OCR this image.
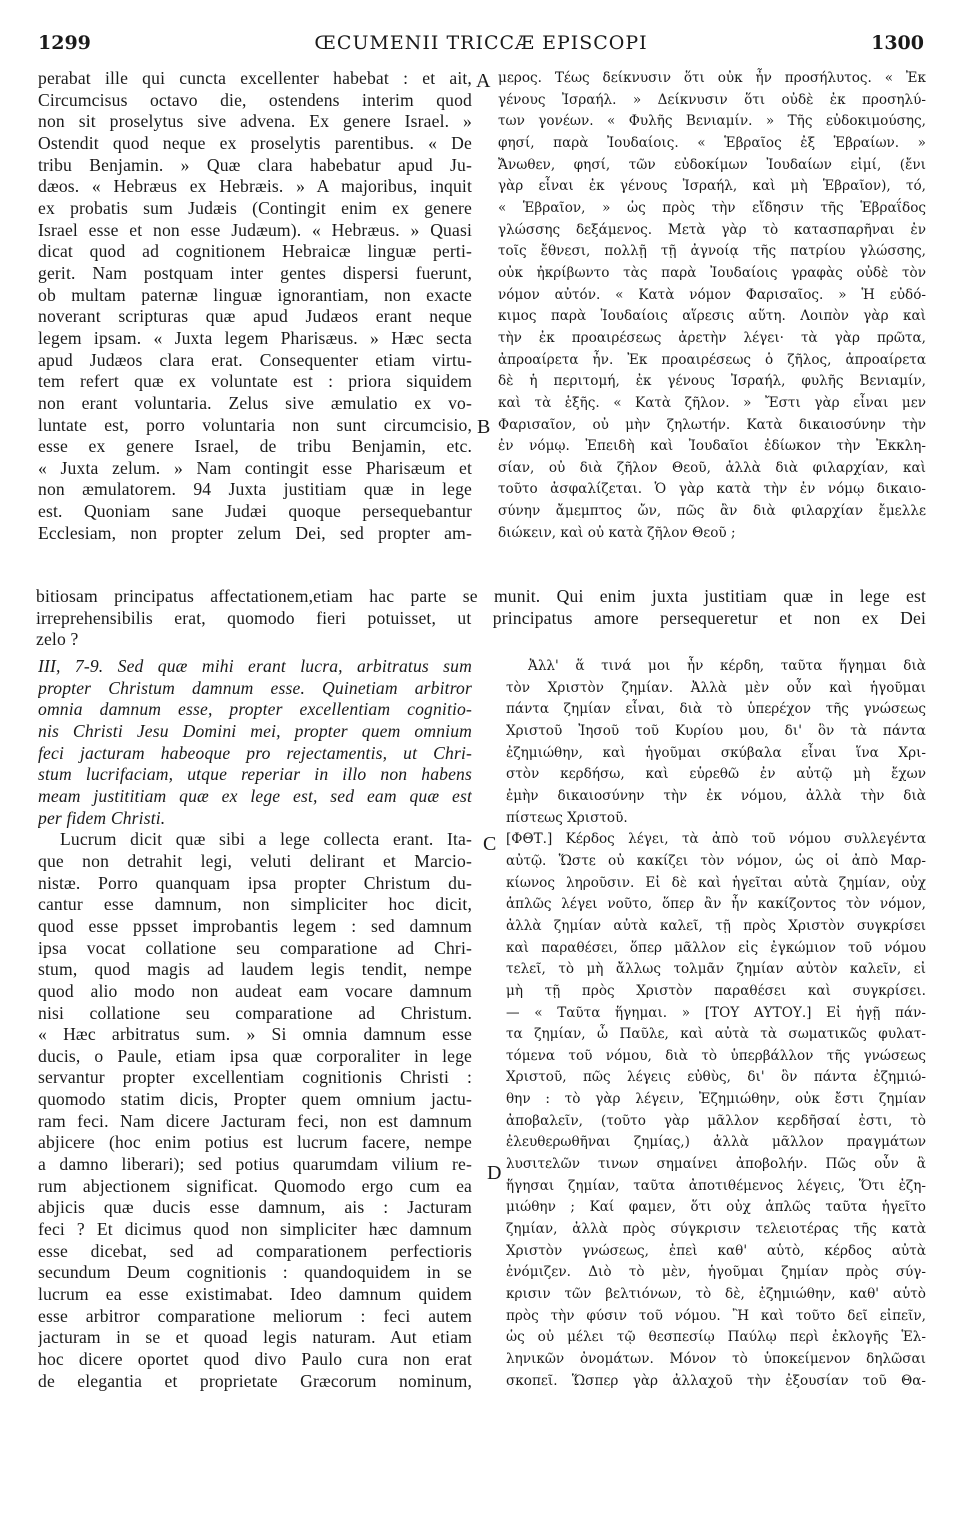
1299	ŒCUMENII TRICCÆ EPISCOPI	1300
perabat ille qui cuncta excellenter habebat : et ait,
Circumcisus octavo die, ostendens interim quod
non sit proselytus sive advena. Ex genere Israel. »
Ostendit quod neque ex proselytis parentibus. « De
tribu Benjamin. » Quæ clara habebatur apud Ju-
dæos. « Hebræus ex Hebræis. » A majoribus, inquit
ex probatis sum Judæis (Contingit enim ex genere
Israel esse et non esse Judæum). « Hebræus. » Quasi
dicat quod ad cognitionem Hebraicæ linguæ perti-
gerit. Nam postquam inter gentes dispersi fuerunt,
ob multam paternæ linguæ ignorantiam, non exacte
noverant scripturas quæ apud Judæos erant neque
legem ipsam. « Juxta legem Pharisæus. » Hæc secta
apud Judæos clara erat. Consequenter etiam virtu-
tem refert quæ ex voluntate est : priora siquidem
non erant voluntaria. Zelus sive æmulatio ex vo-
luntate est, porro voluntaria non sunt circumcisio,
esse ex genere Israel, de tribu Benjamin, etc.
« Juxta zelum. » Nam contingit esse Pharisæum et
non æmulatorem. 94 Juxta justitiam quæ in lege
est. Quoniam sane Judæi quoque persequebantur
Ecclesiam, non propter zelum Dei, sed propter am-
μερος. Τέως δείκνυσιν ὅτι οὐκ ἦν προσήλυτος. « Ἐκ
γένους Ἰσραήλ. » Δείκνυσιν ὅτι οὐδὲ ἐκ προσηλύ-
των γονέων. « Φυλῆς Βενιαμίν. » Τῆς εὐδοκιμούσης,
φησί, παρὰ Ἰουδαίοις. « Ἑβραῖος ἐξ Ἑβραίων. »
Ἄνωθεν, φησί, τῶν εὐδοκίμων Ἰουδαίων εἰμί, (ἔνι
γὰρ εἶναι ἐκ γένους Ἰσραήλ, καὶ μὴ Ἑβραῖον), τό,
« Ἑβραῖον, » ὡς πρὸς τὴν εἴδησιν τῆς Ἑβραΐδος
γλώσσης δεξάμενος. Μετὰ γὰρ τὸ κατασπαρῆναι ἐν
τοῖς ἔθνεσι, πολλῇ τῇ ἀγνοίᾳ τῆς πατρίου γλώσσης,
οὐκ ἠκρίβωντο τὰς παρὰ Ἰουδαίοις γραφὰς οὐδὲ τὸν
νόμον αὐτόν. « Κατὰ νόμον Φαρισαῖος. » Ἡ εὐδό-
κιμος παρὰ Ἰουδαίοις αἵρεσις αὕτη. Λοιπὸν γὰρ καὶ
τὴν ἐκ προαιρέσεως ἀρετὴν λέγει· τὰ γὰρ πρῶτα,
ἀπροαίρετα ἦν. Ἐκ προαιρέσεως ὁ ζῆλος, ἀπροαίρετα
δὲ ἡ περιτομή, ἐκ γένους Ἰσραήλ, φυλῆς Βενιαμίν,
καὶ τὰ ἑξῆς. « Κατὰ ζῆλον. » Ἔστι γὰρ εἶναι μεν
Φαρισαῖον, οὐ μὴν ζηλωτήν. Κατὰ δικαιοσύνην τὴν
ἐν νόμῳ. Ἐπειδὴ καὶ Ἰουδαῖοι ἐδίωκον τὴν Ἐκκλη-
σίαν, οὐ διὰ ζῆλον Θεοῦ, ἀλλὰ διὰ φιλαρχίαν, καὶ
τοῦτο ἀσφαλίζεται. Ὁ γὰρ κατὰ τὴν ἐν νόμῳ δικαιο-
σύνην ἄμεμπτος ὤν, πῶς ἂν διὰ φιλαρχίαν ἔμελλε
διώκειν, καὶ οὐ κατὰ ζῆλον Θεοῦ ;
bitiosam principatus affectationem,etiam hac parte se munit. Qui enim juxta justitiam quæ in lege est
irreprehensibilis erat, quomodo fieri potuisset, ut principatus amore persequeretur et non ex Dei
zelo ?
III, 7-9. Sed quæ mihi erant lucra, arbitratus sum
propter Christum damnum esse. Quinetiam arbitror
omnia damnum esse, propter excellentiam cognitio-
nis Christi Jesu Domini mei, propter quem omnium
feci jacturam habeoque pro rejectamentis, ut Chri-
stum lucrifaciam, utque reperiar in illo non habens
meam justititiam quæ ex lege est, sed eam quæ est
per fidem Christi.
Lucrum dicit quæ sibi a lege collecta erant. Ita-
que non detrahit legi, veluti delirant et Marcio-
nistæ. Porro quanquam ipsa propter Christum du-
cantur esse damnum, non simpliciter hoc dicit,
quod esse ppsset improbantis legem : sed damnum
ipsa vocat collatione seu comparatione ad Chri-
stum, quod magis ad laudem legis tendit, nempe
quod alio modo non audeat eam vocare damnum
nisi collatione seu comparatione ad Christum.
« Hæc arbitratus sum. » Si omnia damnum esse
ducis, o Paule, etiam ipsa quæ corporaliter in lege
servantur propter excellentiam cognitionis Christi :
quomodo statim dicis, Propter quem omnium jactu-
ram feci. Nam dicere Jacturam feci, non est damnum
abjicere (hoc enim potius est lucrum facere, nempe
a damno liberari); sed potius quarumdam vilium re-
rum abjectionem significat. Quomodo ergo cum ea
abjicis quæ ducis esse damnum, ais : Jacturam
feci ? Et dicimus quod non simpliciter hæc damnum
esse dicebat, sed ad comparationem perfectioris
secundum Deum cognitionis : quandoquidem in se
lucrum ea esse existimabat. Ideo damnum quidem
esse arbitror comparatione meliorum : feci autem
jacturam in se et quoad legis naturam. Aut etiam
hoc dicere oportet quod divo Paulo cura non erat
de elegantia et proprietate Græcorum nominum,
Ἀλλ' ἅ τινά μοι ἦν κέρδη, ταῦτα ἥγημαι διὰ
τὸν Χριστὸν ζημίαν. Ἀλλὰ μὲν οὖν καὶ ἡγοῦμαι
πάντα ζημίαν εἶναι, διὰ τὸ ὑπερέχον τῆς γνώσεως
Χριστοῦ Ἰησοῦ τοῦ Κυρίου μου, δι' ὃν τὰ πάντα
ἐζημιώθην, καὶ ἡγοῦμαι σκύβαλα εἶναι ἵνα Χρι-
στὸν κερδήσω, καὶ εὑρεθῶ ἐν αὐτῷ μὴ ἔχων
ἐμὴν δικαιοσύνην τὴν ἐκ νόμου, ἀλλὰ τὴν διὰ
πίστεως Χριστοῦ.
[ΦΘΤ.] Κέρδος λέγει, τὰ ἀπὸ τοῦ νόμου συλλεγέντα
αὐτῷ. Ὥστε οὐ κακίζει τὸν νόμον, ὡς οἱ ἀπὸ Μαρ-
κίωνος ληροῦσιν. Εἰ δὲ καὶ ἡγεῖται αὐτὰ ζημίαν, οὐχ
ἁπλῶς λέγει νοῦτο, ὅπερ ἂν ἦν κακίζοντος τὸν νόμον,
ἀλλὰ ζημίαν αὐτὰ καλεῖ, τῇ πρὸς Χριστὸν συγκρίσει
καὶ παραθέσει, ὅπερ μᾶλλον εἰς ἐγκώμιον τοῦ νόμου
τελεῖ, τὸ μὴ ἄλλως τολμᾶν ζημίαν αὐτὸν καλεῖν, εἰ
μὴ τῇ πρὸς Χριστὸν παραθέσει καὶ συγκρίσει.
— « Ταῦτα ἥγημαι. » [ΤΟΥ ΑΥΤΟΥ.] Εἰ ἡγῇ πάν-
τα ζημίαν, ὦ Παῦλε, καὶ αὐτὰ τὰ σωματικῶς φυλατ-
τόμενα τοῦ νόμου, διὰ τὸ ὑπερβάλλον τῆς γνώσεως
Χριστοῦ, πῶς λέγεις εὐθὺς, δι' ὃν πάντα ἐζημιώ-
θην : τὸ γὰρ λέγειν, Ἐζημιώθην, οὐκ ἔστι ζημίαν
ἀποβαλεῖν, (τοῦτο γὰρ μᾶλλον κερδῆσαί ἐστι, τὸ
ἐλευθερωθῆναι ζημίας,) ἀλλὰ μᾶλλον πραγμάτων
λυσιτελῶν τινων σημαίνει ἀποβολήν. Πῶς οὖν ἃ
ἥγησαι ζημίαν, ταῦτα ἀποτιθέμενος λέγεις, Ὅτι ἐζη-
μιώθην ; Καί φαμεν, ὅτι οὐχ ἁπλῶς ταῦτα ἡγεῖτο
ζημίαν, ἀλλὰ πρὸς σύγκρισιν τελειοτέρας τῆς κατὰ
Χριστὸν γνώσεως, ἐπεὶ καθ' αὑτὸ, κέρδος αὐτὰ
ἐνόμιζεν. Διὸ τὸ μὲν, ἡγοῦμαι ζημίαν πρὸς σύγ-
κρισιν τῶν βελτιόνων, τὸ δὲ, ἐζημιώθην, καθ' αὑτὸ
πρὸς τὴν φύσιν τοῦ νόμου. Ἢ καὶ τοῦτο δεῖ εἰπεῖν,
ὡς οὐ μέλει τῷ θεσπεσίῳ Παύλῳ περὶ ἐκλογῆς Ἑλ-
ληνικῶν ὀνομάτων. Μόνον τὸ ὑποκείμενον δηλῶσαι
σκοπεῖ. Ὥσπερ γὰρ ἀλλαχοῦ τὴν ἐξουσίαν τοῦ Θα-
A
B
C
D
